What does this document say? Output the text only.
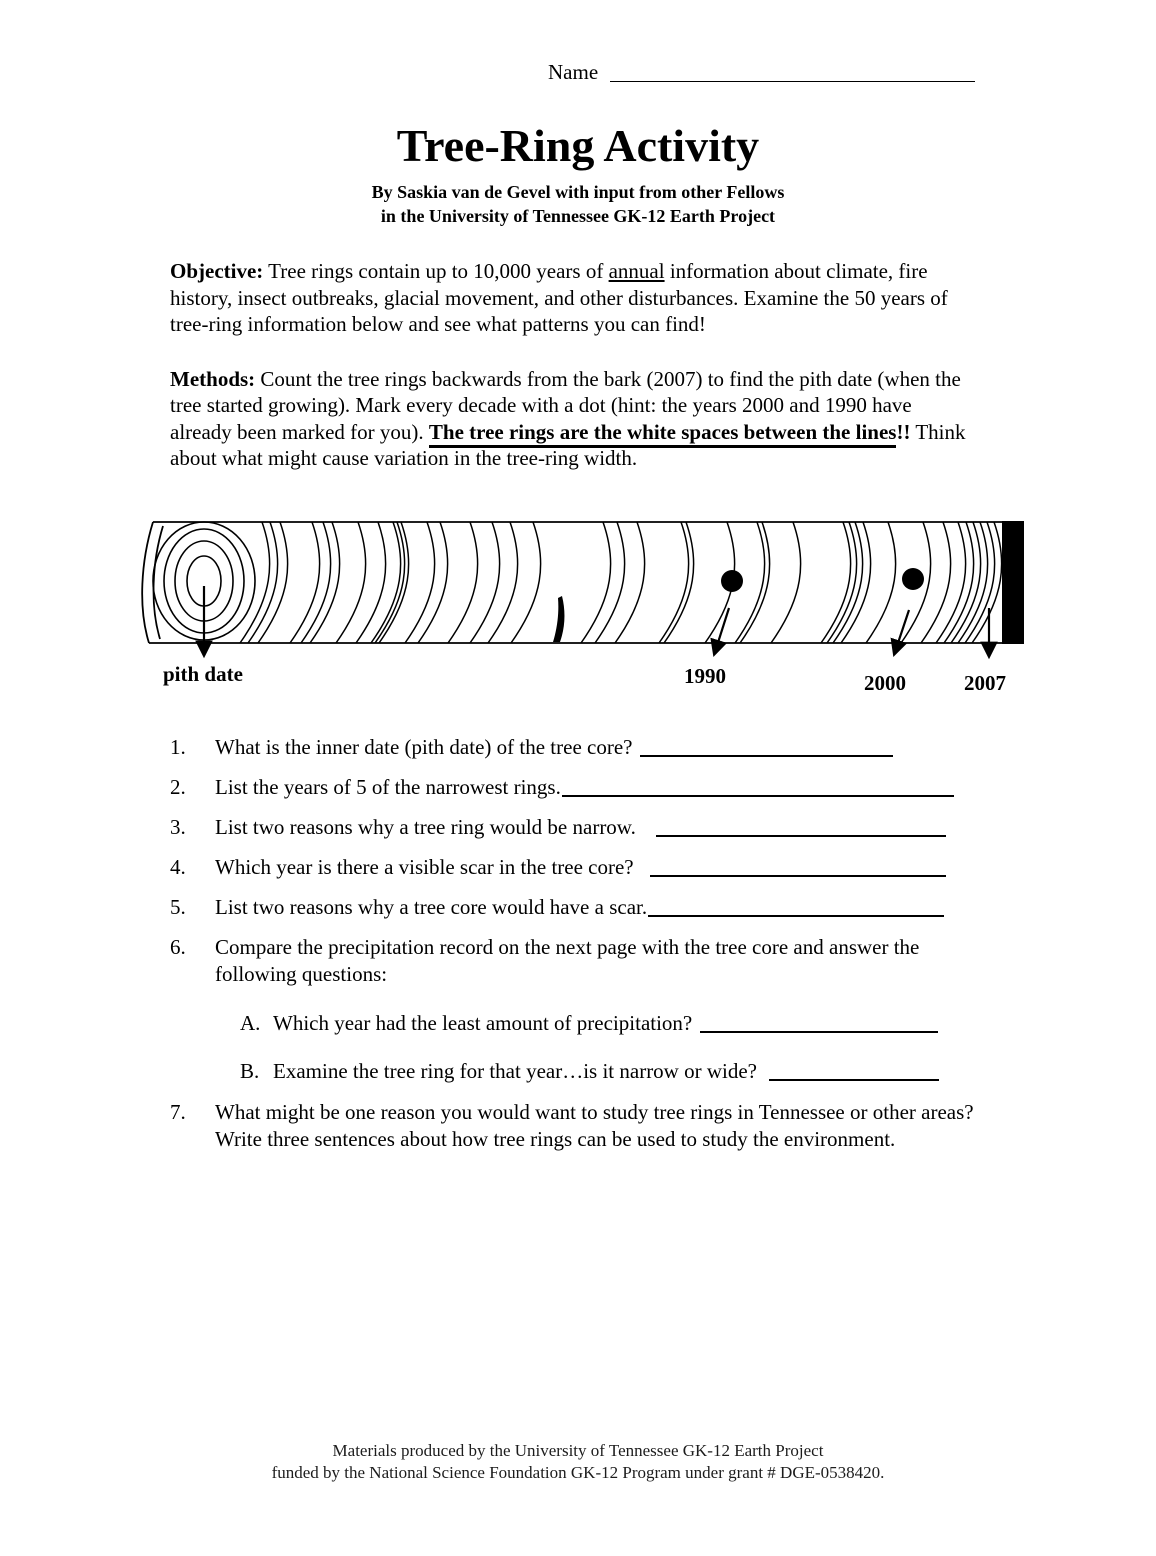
Name
Tree-Ring Activity
By Saskia van de Gevel with input from other Fellows
in the University of Tennessee GK-12 Earth Project

Objective: Tree rings contain up to 10,000 years of annual information about climate, fire history, insect outbreaks, glacial movement, and other disturbances. Examine the 50 years of tree-ring information below and see what patterns you can find!

Methods: Count the tree rings backwards from the bark (2007) to find the pith date (when the tree started growing). Mark every decade with a dot (hint: the years 2000 and 1990 have already been marked for you). The tree rings are the white spaces between the lines!! Think about what might cause variation in the tree-ring width.

pith date	1990	2000	2007
1.	What is the inner date (pith date) of the tree core?
2.	List the years of 5 of the narrowest rings.
3.	List two reasons why a tree ring would be narrow.
4.	Which year is there a visible scar in the tree core?
5.	List two reasons why a tree core would have a scar.
6.	Compare the precipitation record on the next page with the tree core and answer the following questions:
A. Which year had the least amount of precipitation?
B. Examine the tree ring for that year…is it narrow or wide?
7.	What might be one reason you would want to study tree rings in Tennessee or other areas? Write three sentences about how tree rings can be used to study the environment.
Materials produced by the University of Tennessee GK-12 Earth Project
funded by the National Science Foundation GK-12 Program under grant # DGE-0538420.
